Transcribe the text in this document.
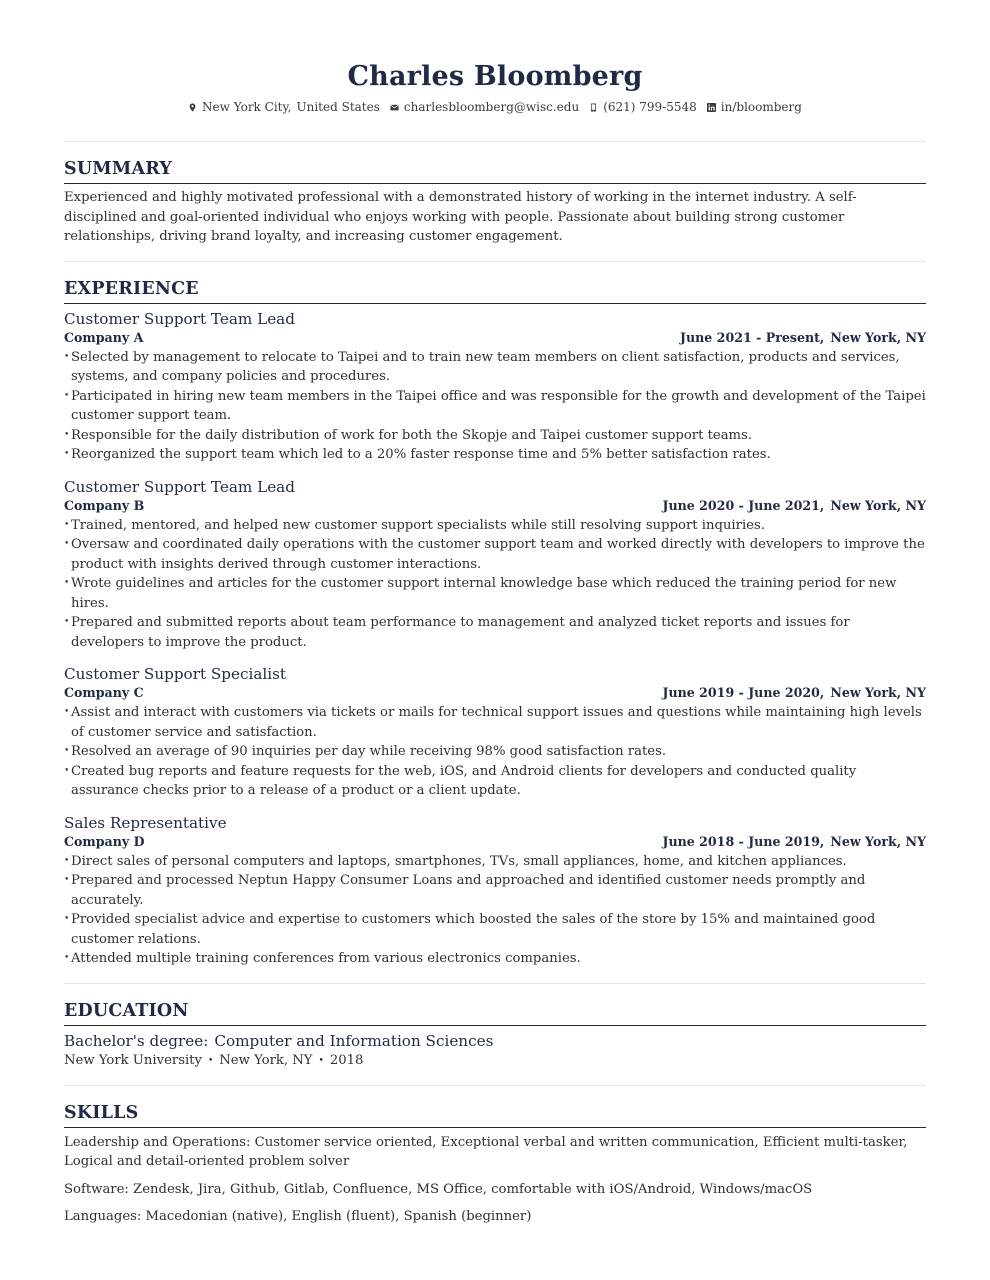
Charles Bloomberg
New York City, United States charlesbloomberg@wisc.edu (621) 799-5548 in/bloomberg
SUMMARY

Experienced and highly motivated professional with a demonstrated history of working in the internet industry. A self-disciplined and goal-oriented individual who enjoys working with people. Passionate about building strong customer relationships, driving brand loyalty, and increasing customer engagement.

EXPERIENCE
Customer Support Team Lead
Company A	June 2021 - Present, New York, NY
• Selected by management to relocate to Taipei and to train new team members on client satisfaction, products and services, systems, and company policies and procedures.
• Participated in hiring new team members in the Taipei office and was responsible for the growth and development of the Taipei customer support team.
• Responsible for the daily distribution of work for both the Skopje and Taipei customer support teams.
• Reorganized the support team which led to a 20% faster response time and 5% better satisfaction rates.
Customer Support Team Lead
Company B	June 2020 - June 2021, New York, NY
• Trained, mentored, and helped new customer support specialists while still resolving support inquiries.
• Oversaw and coordinated daily operations with the customer support team and worked directly with developers to improve the product with insights derived through customer interactions.
• Wrote guidelines and articles for the customer support internal knowledge base which reduced the training period for new hires.
• Prepared and submitted reports about team performance to management and analyzed ticket reports and issues for developers to improve the product.
Customer Support Specialist
Company C	June 2019 - June 2020, New York, NY
• Assist and interact with customers via tickets or mails for technical support issues and questions while maintaining high levels of customer service and satisfaction.
• Resolved an average of 90 inquiries per day while receiving 98% good satisfaction rates.
• Created bug reports and feature requests for the web, iOS, and Android clients for developers and conducted quality assurance checks prior to a release of a product or a client update.
Sales Representative
Company D	June 2018 - June 2019, New York, NY
• Direct sales of personal computers and laptops, smartphones, TVs, small appliances, home, and kitchen appliances.
• Prepared and processed Neptun Happy Consumer Loans and approached and identified customer needs promptly and accurately.
• Provided specialist advice and expertise to customers which boosted the sales of the store by 15% and maintained good customer relations.
• Attended multiple training conferences from various electronics companies.
EDUCATION
Bachelor's degree: Computer and Information Sciences
New York University • New York, NY • 2018
SKILLS
Leadership and Operations: Customer service oriented, Exceptional verbal and written communication, Efficient multi-tasker, Logical and detail-oriented problem solver
Software: Zendesk, Jira, Github, Gitlab, Confluence, MS Office, comfortable with iOS/Android, Windows/macOS
Languages: Macedonian (native), English (fluent), Spanish (beginner)
